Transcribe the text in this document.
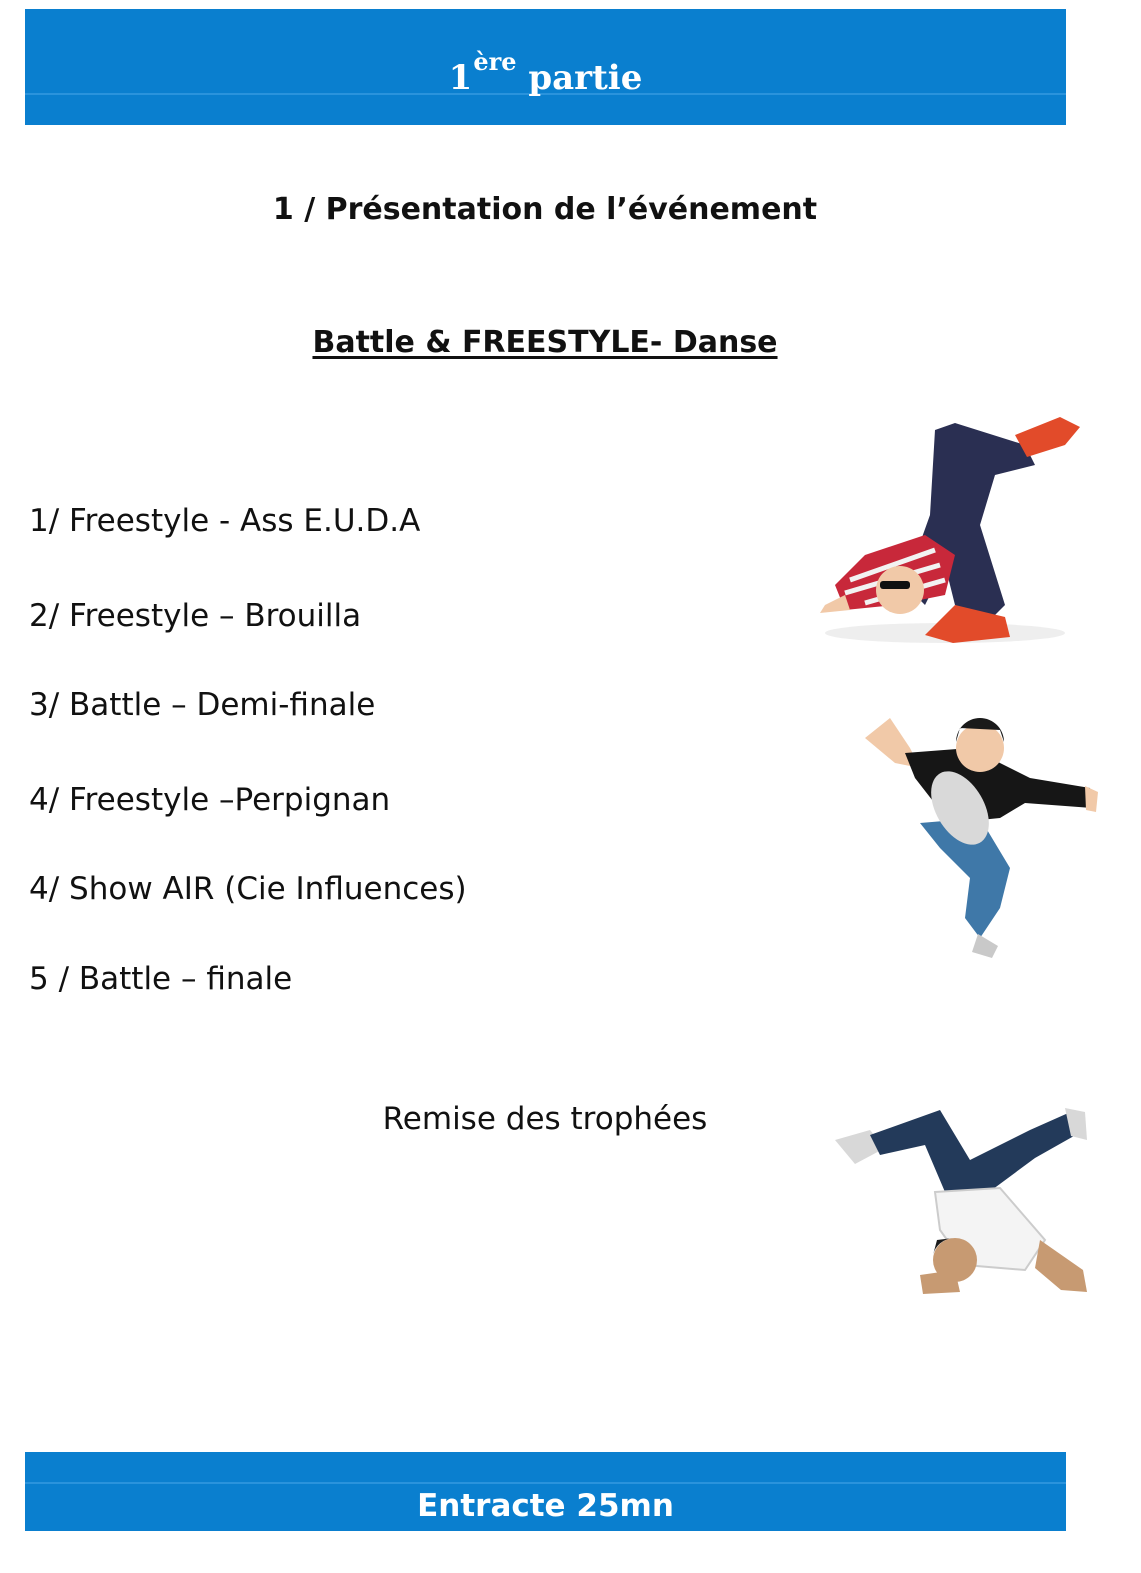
1ère partie
1 / Présentation de l’événement
Battle & FREESTYLE- Danse
1/ Freestyle - Ass E.U.D.A
2/ Freestyle – Brouilla
3/ Battle – Demi-finale
4/ Freestyle –Perpignan
4/ Show AIR (Cie Influences)
5 / Battle – finale
Remise des trophées
Entracte 25mn
